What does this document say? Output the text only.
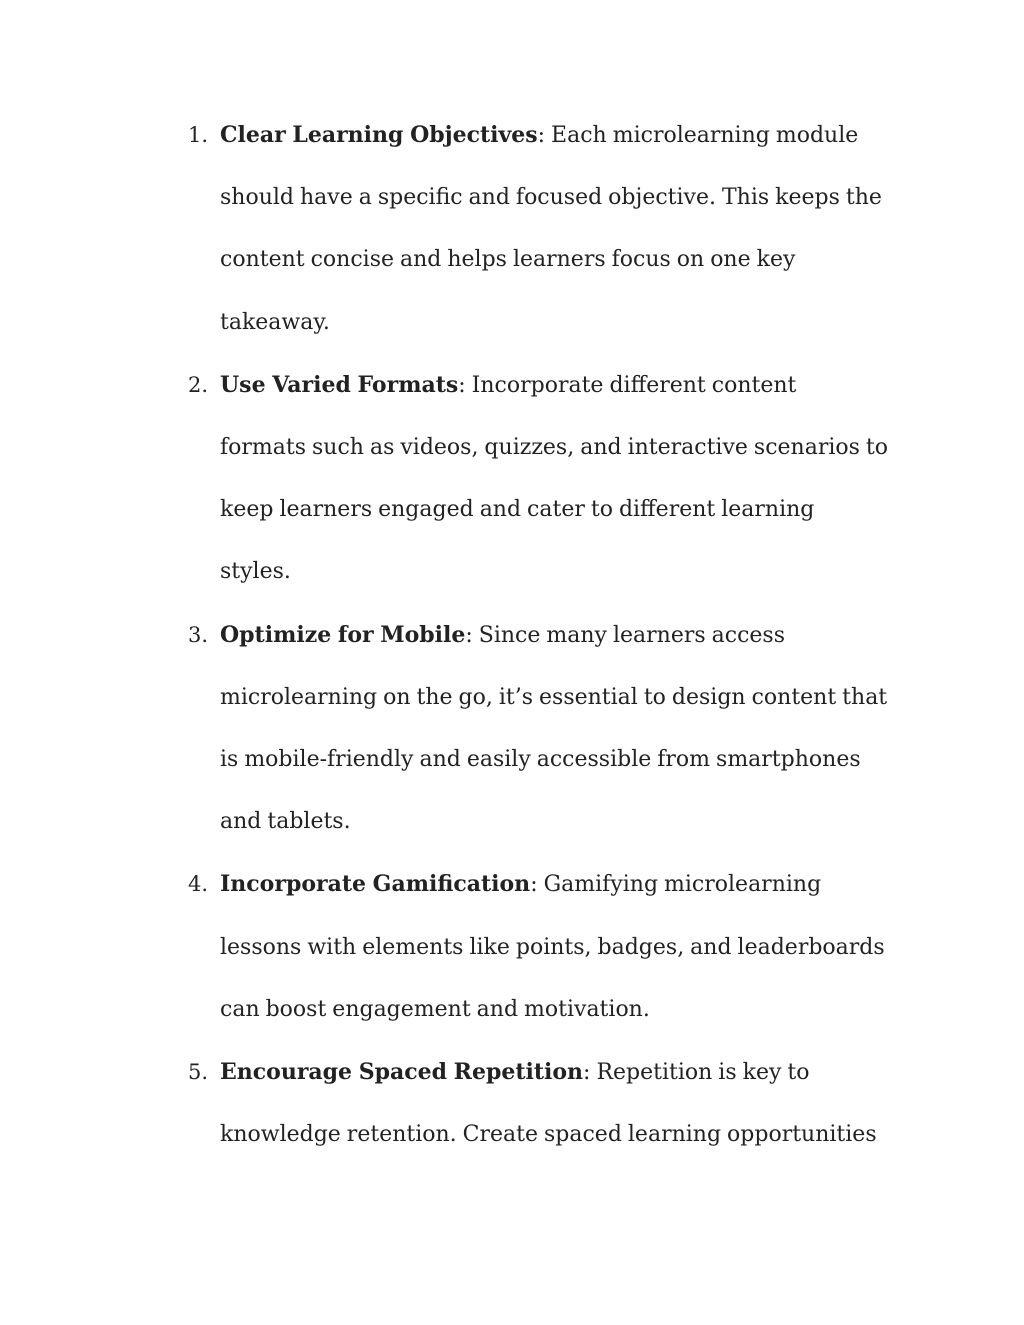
1. Clear Learning Objectives: Each microlearning module should have a specific and focused objective. This keeps the content concise and helps learners focus on one key takeaway.
2. Use Varied Formats: Incorporate different content formats such as videos, quizzes, and interactive scenarios to keep learners engaged and cater to different learning styles.
3. Optimize for Mobile: Since many learners access microlearning on the go, it’s essential to design content that is mobile-friendly and easily accessible from smartphones and tablets.
4. Incorporate Gamification: Gamifying microlearning lessons with elements like points, badges, and leaderboards can boost engagement and motivation.
5. Encourage Spaced Repetition: Repetition is key to knowledge retention. Create spaced learning opportunities
